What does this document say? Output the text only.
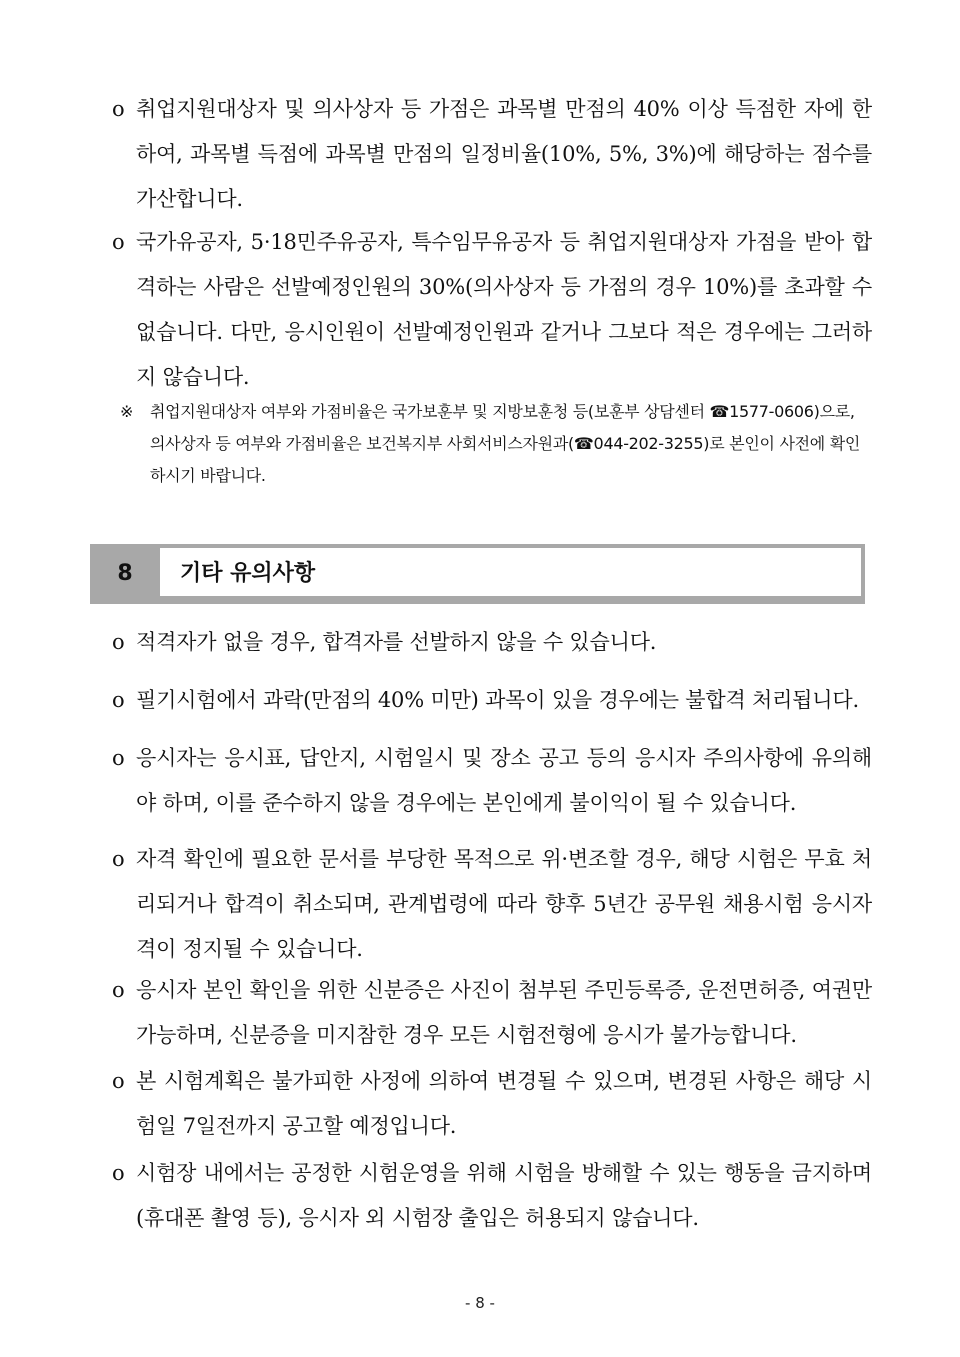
o 취업지원대상자 및 의사상자 등 가점은 과목별 만점의 40% 이상 득점한 자에 한하여, 과목별 득점에 과목별 만점의 일정비율(10%, 5%, 3%)에 해당하는 점수를 가산합니다.
o 국가유공자, 5·18민주유공자, 특수임무유공자 등 취업지원대상자 가점을 받아 합격하는 사람은 선발예정인원의 30%(의사상자 등 가점의 경우 10%)를 초과할 수 없습니다. 다만, 응시인원이 선발예정인원과 같거나 그보다 적은 경우에는 그러하지 않습니다.
※ 취업지원대상자 여부와 가점비율은 국가보훈부 및 지방보훈청 등(보훈부 상담센터 ☎1577-0606)으로, 의사상자 등 여부와 가점비율은 보건복지부 사회서비스자원과(☎044-202-3255)로 본인이 사전에 확인하시기 바랍니다.
8	기타 유의사항
o 적격자가 없을 경우, 합격자를 선발하지 않을 수 있습니다.
o 필기시험에서 과락(만점의 40% 미만) 과목이 있을 경우에는 불합격 처리됩니다.
o 응시자는 응시표, 답안지, 시험일시 및 장소 공고 등의 응시자 주의사항에 유의해야 하며, 이를 준수하지 않을 경우에는 본인에게 불이익이 될 수 있습니다.
o 자격 확인에 필요한 문서를 부당한 목적으로 위·변조할 경우, 해당 시험은 무효 처리되거나 합격이 취소되며, 관계법령에 따라 향후 5년간 공무원 채용시험 응시자격이 정지될 수 있습니다.
o 응시자 본인 확인을 위한 신분증은 사진이 첨부된 주민등록증, 운전면허증, 여권만 가능하며, 신분증을 미지참한 경우 모든 시험전형에 응시가 불가능합니다.
o 본 시험계획은 불가피한 사정에 의하여 변경될 수 있으며, 변경된 사항은 해당 시험일 7일전까지 공고할 예정입니다.
o 시험장 내에서는 공정한 시험운영을 위해 시험을 방해할 수 있는 행동을 금지하며(휴대폰 촬영 등), 응시자 외 시험장 출입은 허용되지 않습니다.
- 8 -
